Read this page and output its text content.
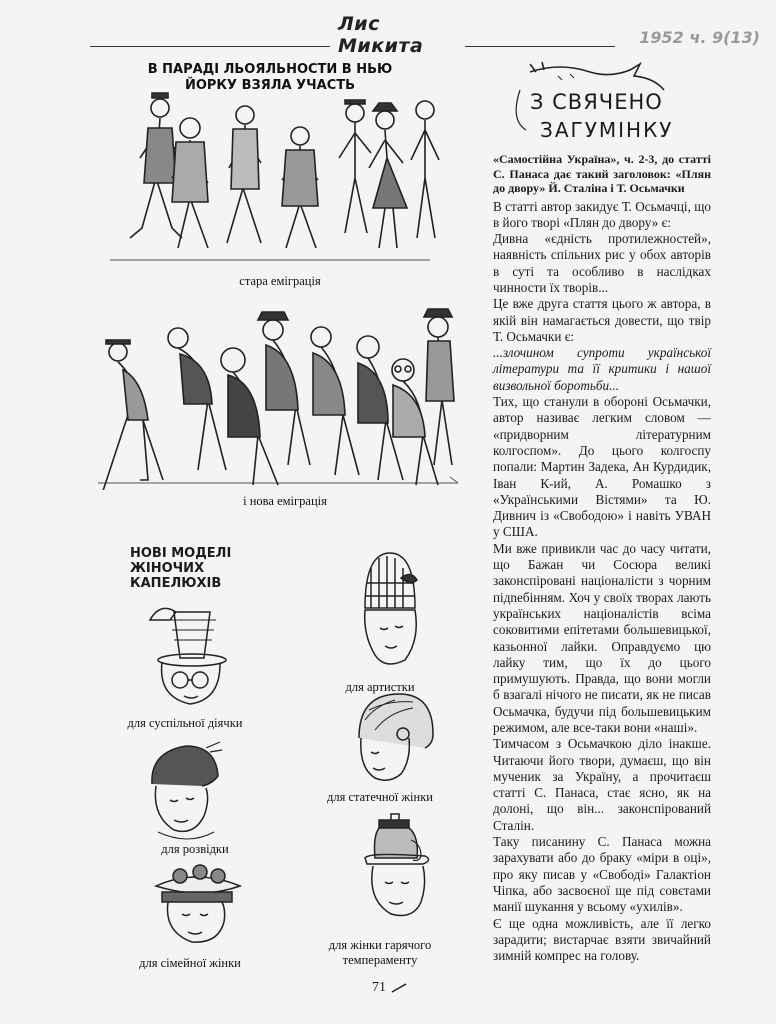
Лис Микита	1952 ч. 9(13)
В ПАРАДІ ЛЬОЯЛЬНОСТИ В НЬЮ ЙОРКУ ВЗЯЛА УЧАСТЬ
стара еміграція
і нова еміграція
НОВІ МОДЕЛІ ЖІНОЧИХ КАПЕЛЮХІВ
для артистки
для суспільної діячки
для статечної жінки
для розвідки
для жінки гарячого темпераменту
для сімейної жінки
З СВЯЧЕНО
ЗАГУМІНКУ

«Самостійна Україна», ч. 2-3, до статті С. Панаса дає такий заголовок: «Плян до двору» Й. Сталіна і Т. Осьмачки

В статті автор закидує Т. Осьмачці, що в його творі «Плян до двору» є:

Дивна «єдність протилежностей», наявність спільних рис у обох авторів в суті та особливо в наслідках чинности їх творів...

Це вже друга стаття цього ж автора, в якій він намагається довести, що твір Т. Осьмачки є:

...злочином супроти української літератури та її критики і нашої визвольної боротьби...

Тих, що станули в обороні Осьмачки, автор називає легким словом — «придворним літературним колгоспом». До цього колгоспу попали: Мартин Задека, Ан Курдидик, Іван К-ий, А. Ромашко з «Українськими Вістями» та Ю. Дивнич із «Свободою» і навіть УВАН у США.

Ми вже привикли час до часу читати, що Бажан чи Сосюра великі законспіровані націоналісти з чорним підnебінням. Хоч у своїх творах лають українських націоналістів всіма соковитими епітетами большевицької, казьонної лайки. Оправдуємо цю лайку тим, що їх до цього примушують. Правда, що вони могли б взагалі нічого не писати, як не писав Осьмачка, будучи під большевицьким режимом, але все-таки вони «наші».

Тимчасом з Осьмачкою діло інакше. Читаючи його твори, думаєш, що він мученик за Україну, а прочитаєш статті С. Панаса, стає ясно, як на долоні, що він... законспірований Сталін.

Таку писанину С. Панаса можна зарахувати або до браку «міри в оці», про яку писав у «Свободі» Галактіон Чіпка, або засвоєної ще під совєтами манії шукання у всьому «ухилів».

Є ще одна можливість, але її легко зарадити; вистарчає взяти звичайний зимній компрес на голову.

71
